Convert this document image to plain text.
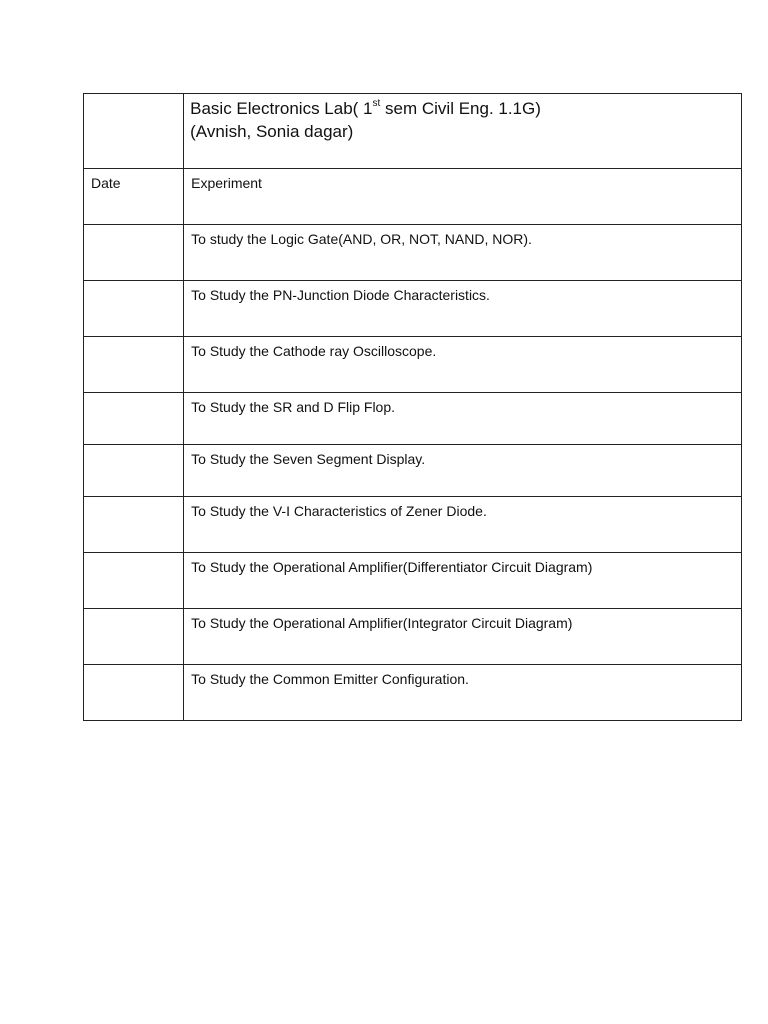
	Basic Electronics Lab( 1st sem Civil Eng. 1.1G)
(Avnish, Sonia dagar)

Date	Experiment
	To study the Logic Gate(AND, OR, NOT, NAND, NOR).
	To Study the PN-Junction Diode Characteristics.
	To Study the Cathode ray Oscilloscope.
	To Study the SR and D Flip Flop.
	To Study the Seven Segment Display.
	To Study the V-I Characteristics of Zener Diode.
	To Study the Operational Amplifier(Differentiator Circuit Diagram)
	To Study the Operational Amplifier(Integrator Circuit Diagram)
	To Study the Common Emitter Configuration.
